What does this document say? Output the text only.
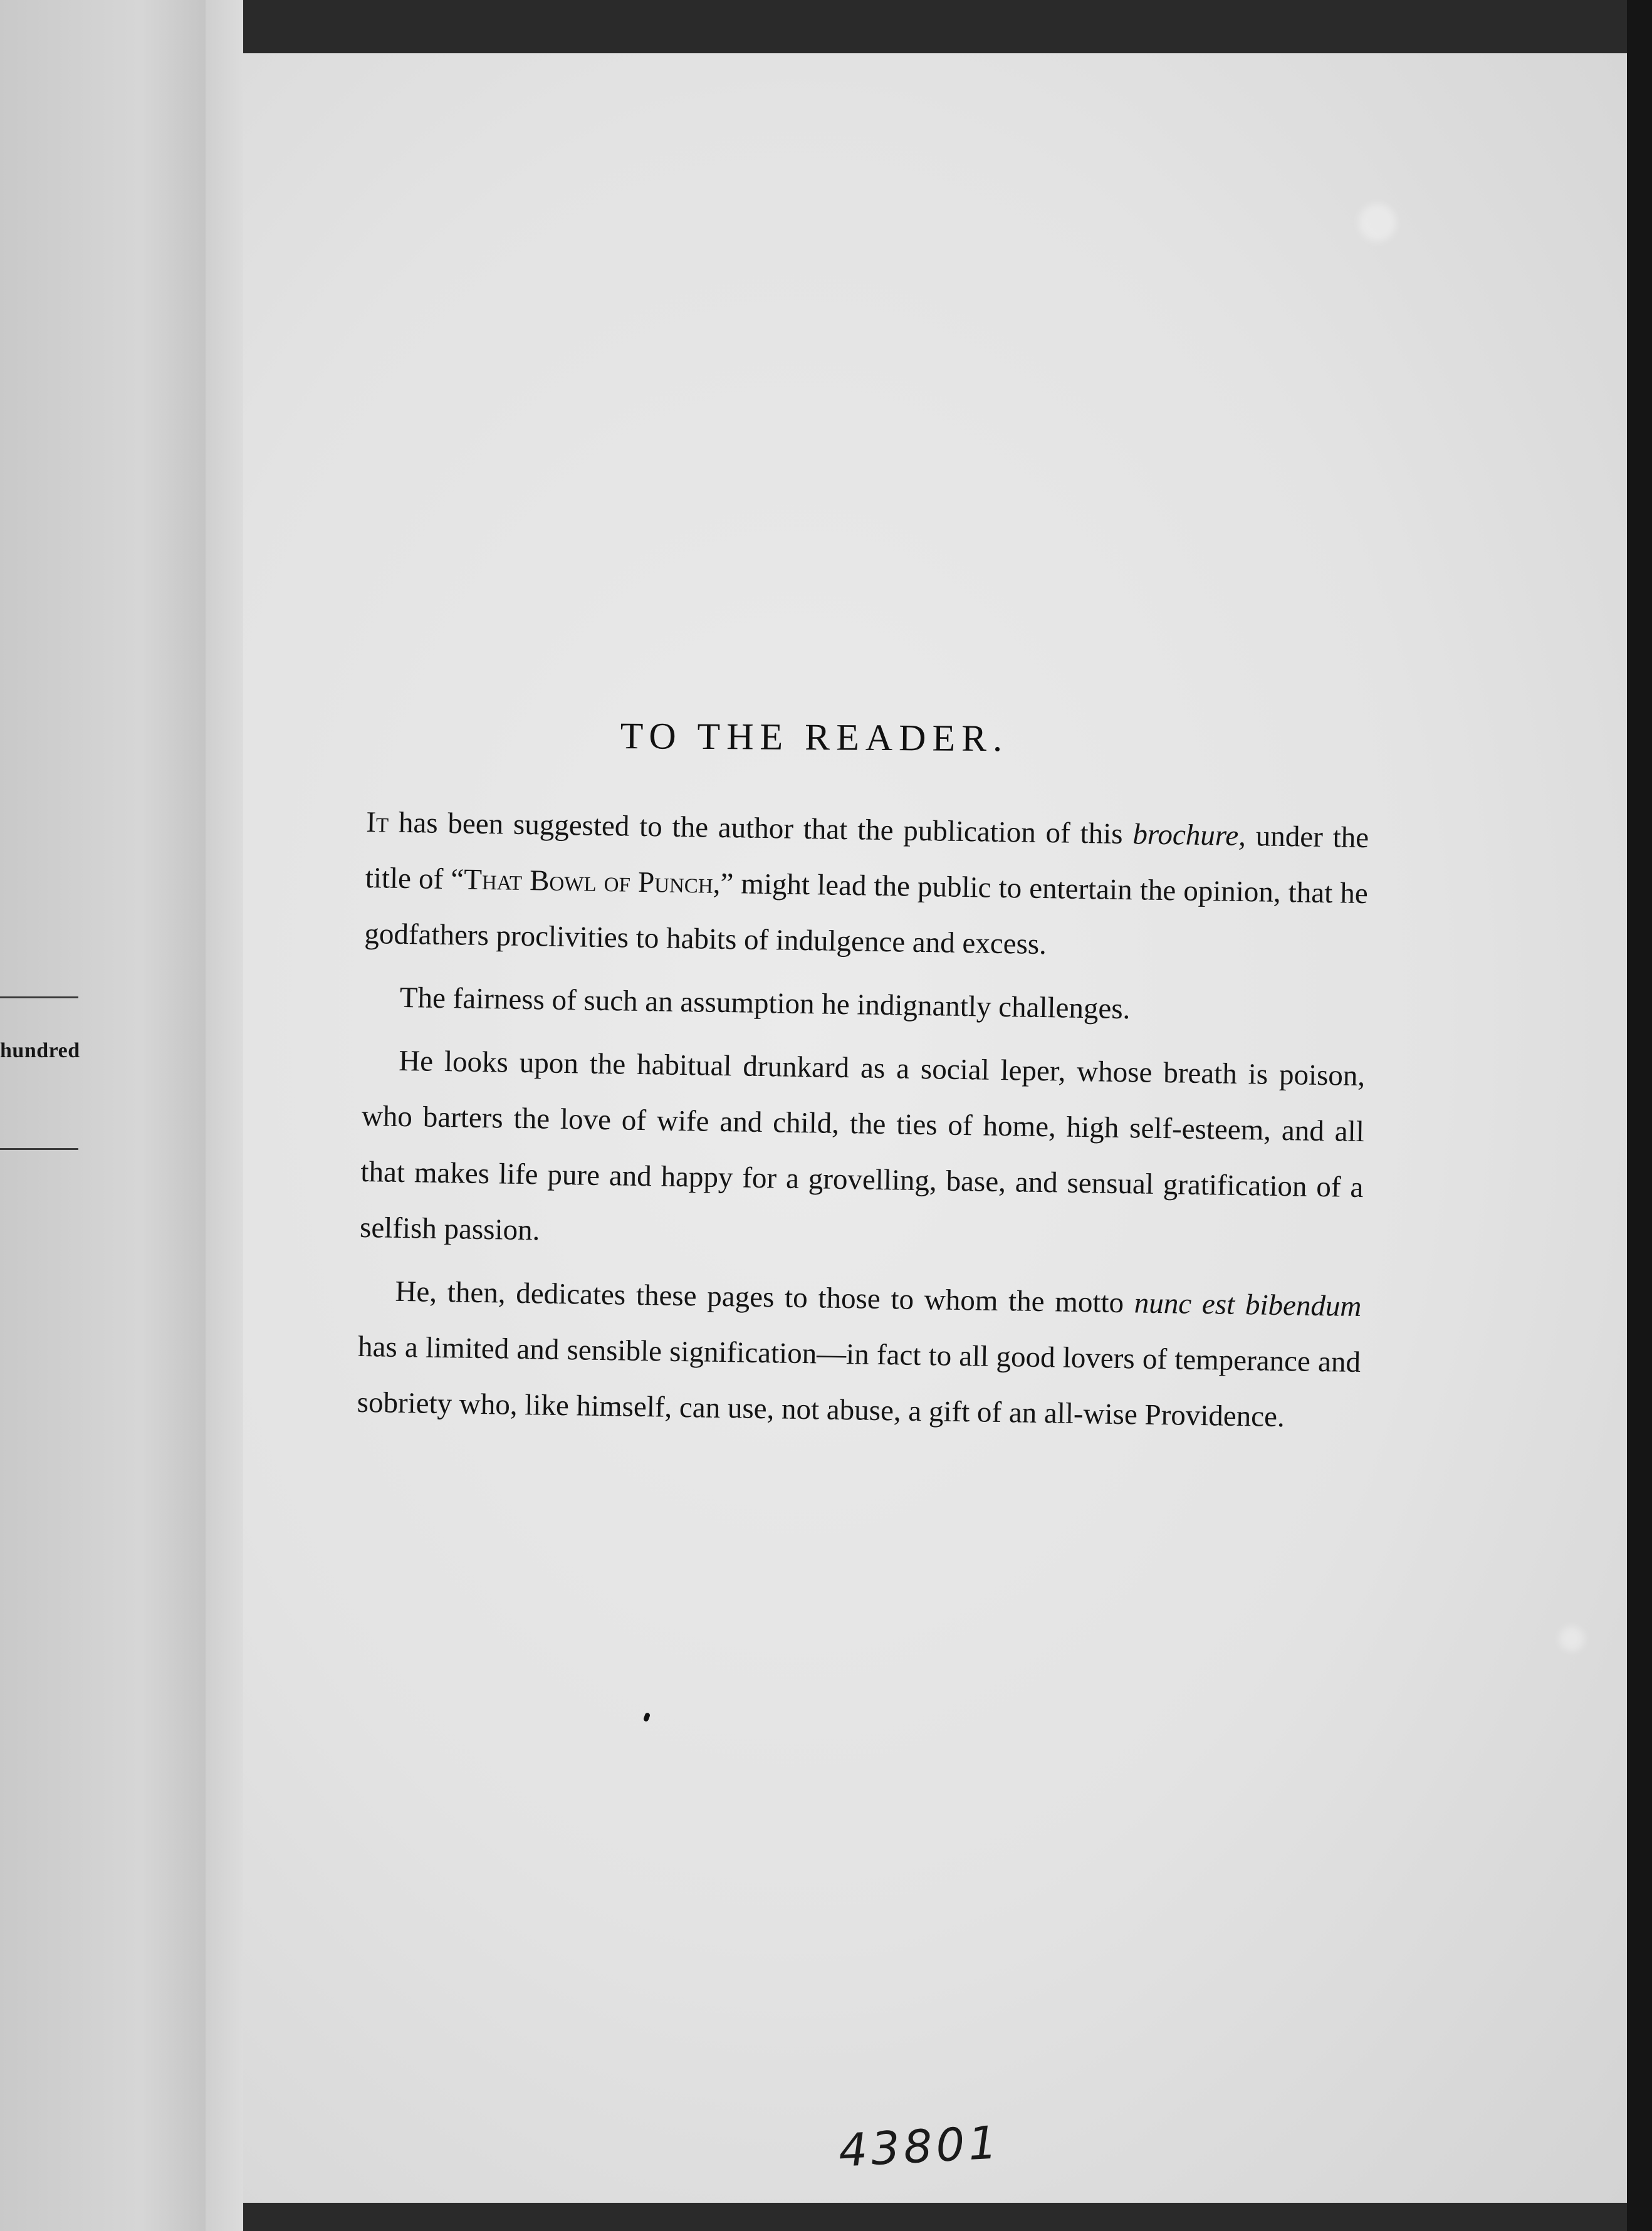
hundred
TO THE READER.

It has been suggested to the author that the publication of this brochure, under the title of “That Bowl of Punch,” might lead the public to entertain the opinion, that he godfathers proclivities to habits of indulgence and excess.

The fairness of such an assumption he indignantly challenges.

He looks upon the habitual drunkard as a social leper, whose breath is poison, who barters the love of wife and child, the ties of home, high self-esteem, and all that makes life pure and happy for a grovelling, base, and sensual gratification of a selfish passion.

He, then, dedicates these pages to those to whom the motto nunc est bibendum has a limited and sensible signification—in fact to all good lovers of temperance and sobriety who, like himself, can use, not abuse, a gift of an all-wise Providence.

43801
